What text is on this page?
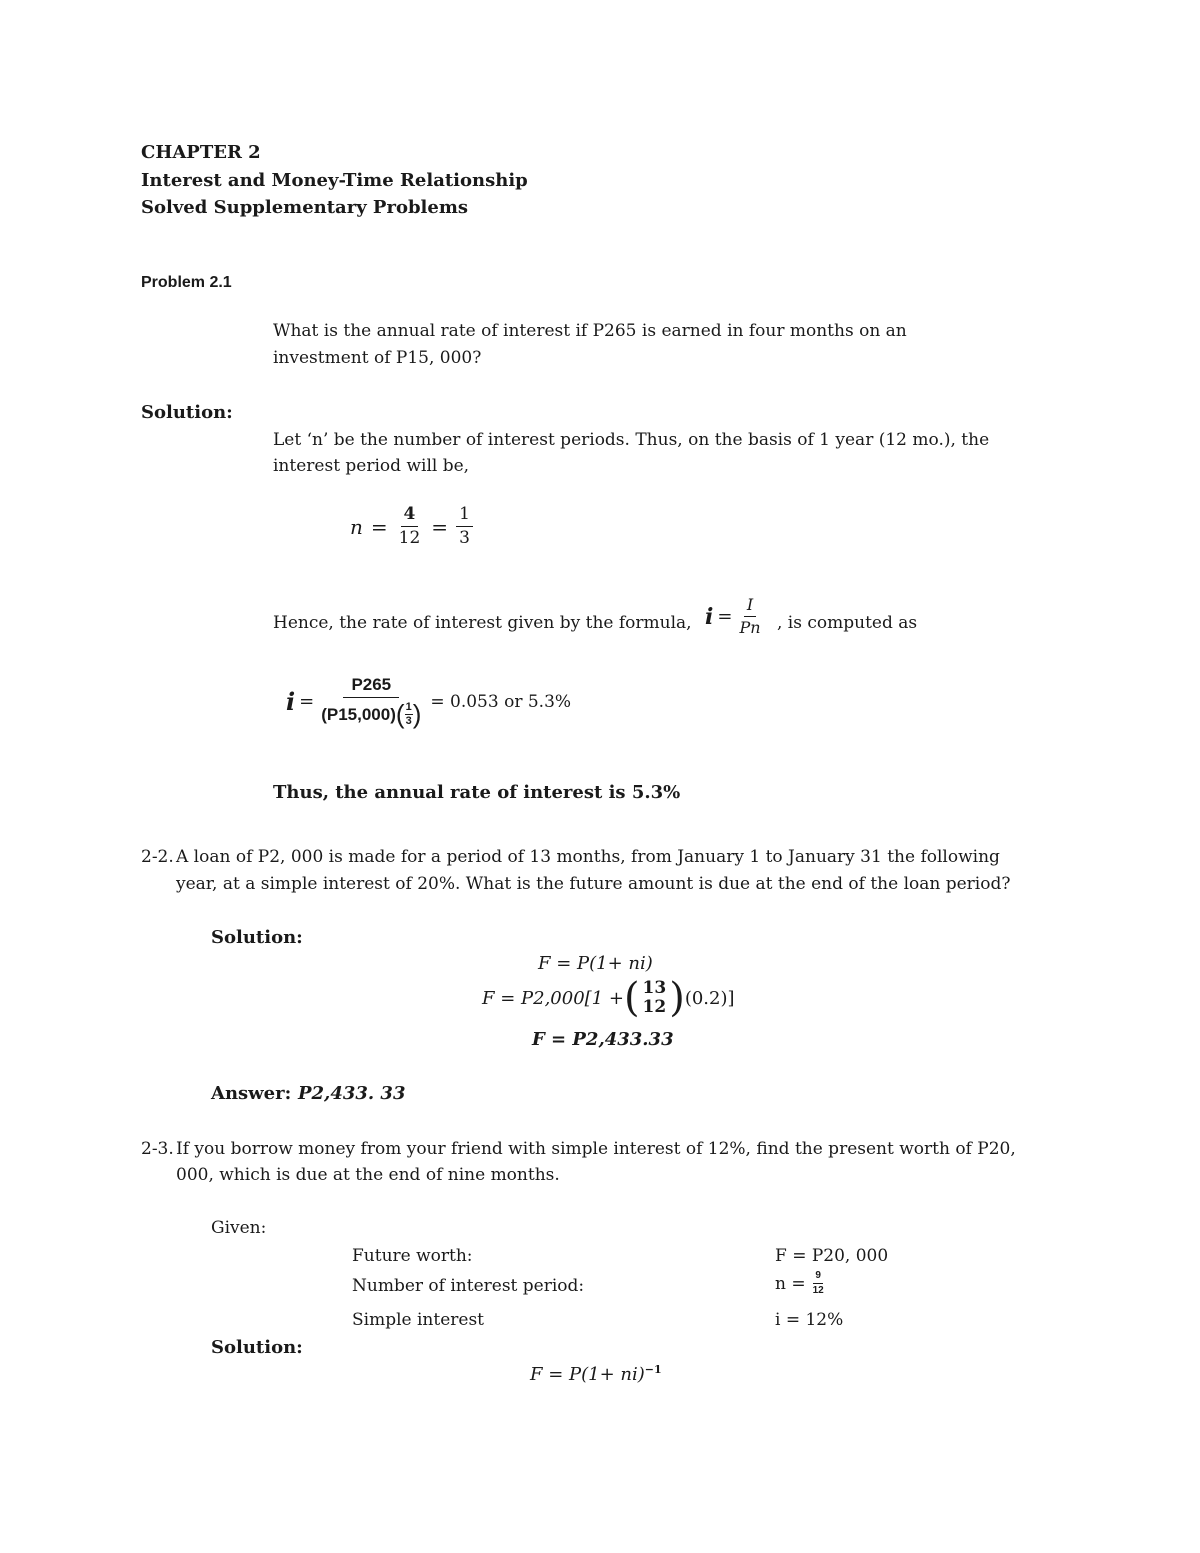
CHAPTER 2
Interest and Money-Time Relationship
Solved Supplementary Problems
Problem 2.1
What is the annual rate of interest if P265 is earned in four months on an
investment of P15, 000?
Solution:
Let ‘n’ be the number of interest periods. Thus, on the basis of 1 year (12 mo.), the
interest period will be,
$n = \frac{4}{12} = \frac{1}{3}$
Hence, the rate of interest given by the formula, $i = \frac{I}{Pn}$ , is computed as
$i = \frac{P265}{(P15,000) ( \frac{1}{3} )} = 0.053$ or 5.3%
Thus, the annual rate of interest is 5.3%
2-2. A loan of P2, 000 is made for a period of 13 months, from January 1 to January 31 the following
year, at a simple interest of 20%. What is the future amount is due at the end of the loan period?
Solution:
F = P(1+ ni)
F = P2,000[1 + ( 13
12 ) (0.2)]
F = P2,433.33
Answer: P2,433. 33
2-3. If you borrow money from your friend with simple interest of 12%, find the present worth of P20,
000, which is due at the end of nine months.
Given:
Future worth:	F = P20, 000
Number of interest period:	$n = \frac{9}{12}$
Simple interest	i = 12%
Solution:
F = P(1+ ni)$^{-1}$
